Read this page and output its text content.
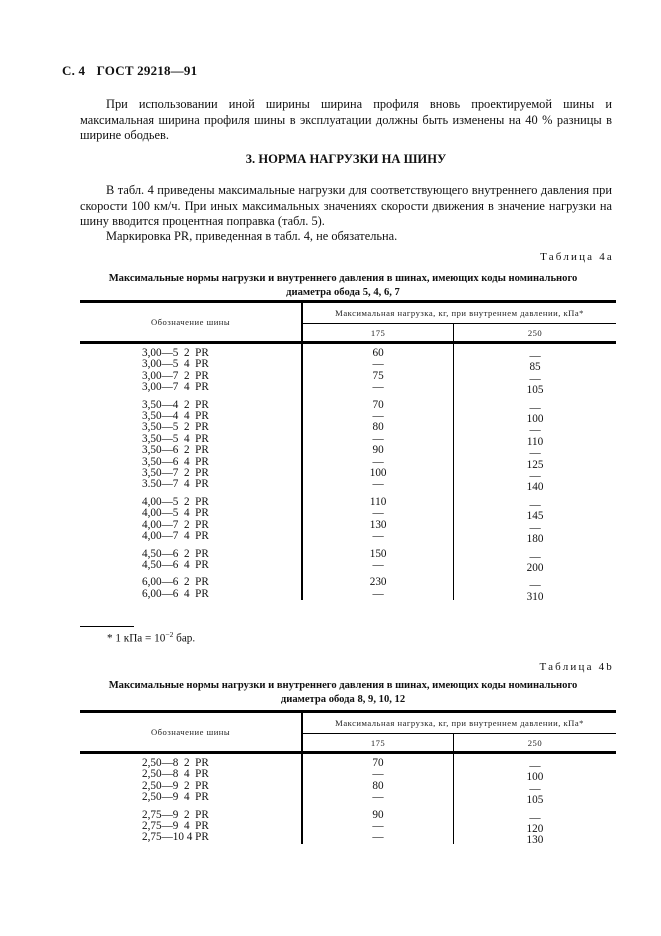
С. 4 ГОСТ 29218—91

При использовании иной ширины ширина профиля вновь проектируемой шины и максимальная ширина профиля шины в эксплуатации должны быть изменены на 40 % разницы в ширине ободьев.

3. НОРМА НАГРУЗКИ НА ШИНУ

В табл. 4 приведены максимальные нагрузки для соответствующего внутреннего давления при скорости 100 км/ч. При иных максимальных значениях скорости движения в значение нагрузки на шину вводится процентная поправка (табл. 5).

Маркировка PR, приведенная в табл. 4, не обязательна.

Таблица 4а
Максимальные нормы нагрузки и внутреннего давления в шинах, имеющих коды номинального диаметра обода 5, 4, 6, 7
Обозначение шины	Максимальная нагрузка, кг, при внутреннем давлении, кПа*	
	175	250
3,00—5  2  PR	60	—
3,00—5  4  PR	—	85
3,00—7  2  PR	75	—
3,00—7  4  PR	—	105

3,50—4  2  PR	70	—
3,50—4  4  PR	—	100
3,50—5  2  PR	80	—
3,50—5  4  PR	—	110
3,50—6  2  PR	90	—
3,50—6  4  PR	—	125
3,50—7  2  PR	100	—
3.50—7  4  PR	—	140

4,00—5  2  PR	110	—
4,00—5  4  PR	—	145
4,00—7  2  PR	130	—
4,00—7  4  PR	—	180

4,50—6  2  PR	150	—
4,50—6  4  PR	—	200

6,00—6  2  PR	230	—
6,00—6  4  PR	—	310
* 1 кПа = $10^{-2}$ бар.
Таблица 4b
Максимальные нормы нагрузки и внутреннего давления в шинах, имеющих коды номинального диаметра обода 8, 9, 10, 12
Обозначение шины	Максимальная нагрузка, кг, при внутреннем давлении, кПа*	
	175	250
2,50—8  2  PR	70	—
2,50—8  4  PR	—	100
2,50—9  2  PR	80	—
2,50—9  4  PR	—	105

2,75—9  2  PR	90	—
2,75—9  4  PR	—	120
2,75—10 4 PR	—	130
